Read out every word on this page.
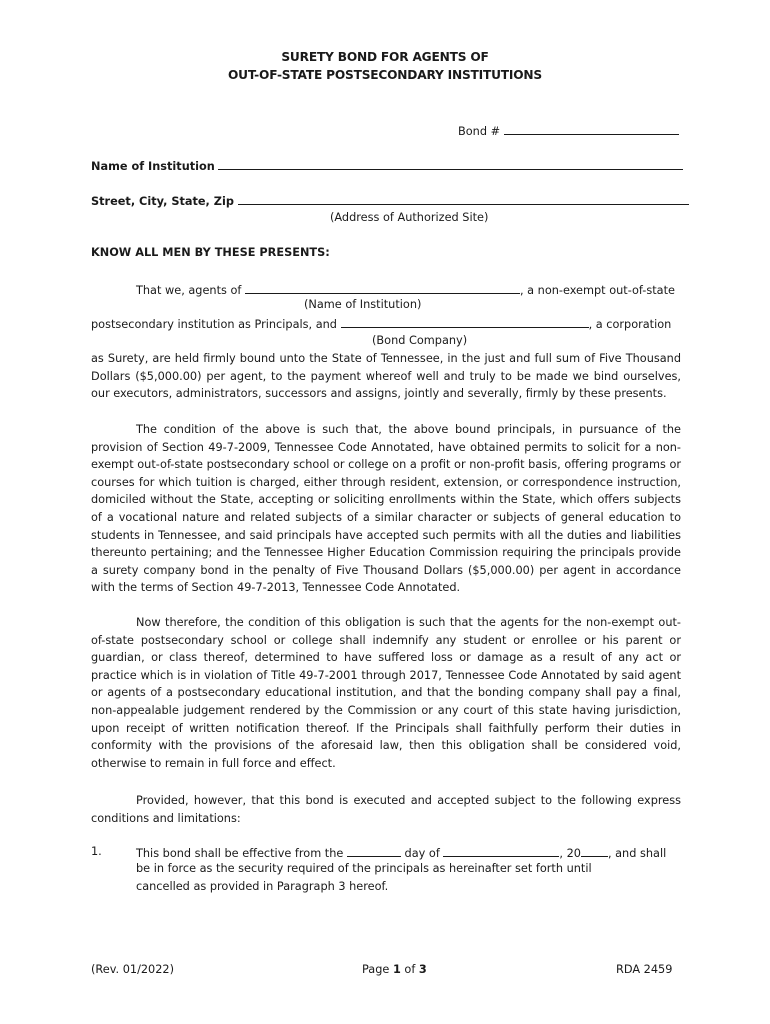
SURETY BOND FOR AGENTS OF
OUT-OF-STATE POSTSECONDARY INSTITUTIONS
Bond #
Name of Institution
Street, City, State, Zip
(Address of Authorized Site)
KNOW ALL MEN BY THESE PRESENTS:
That we, agents of	, a non-exempt out-of-state
(Name of Institution)
postsecondary institution as Principals, and	, a corporation
(Bond Company)
as Surety, are held firmly bound unto the State of Tennessee, in the just and full sum of Five Thousand Dollars ($5,000.00) per agent, to the payment whereof well and truly to be made we bind ourselves, our executors, administrators, successors and assigns, jointly and severally, firmly by these presents.
The condition of the above is such that, the above bound principals, in pursuance of the provision of Section 49-7-2009, Tennessee Code Annotated, have obtained permits to solicit for a non-exempt out-of-state postsecondary school or college on a profit or non-profit basis, offering programs or courses for which tuition is charged, either through resident, extension, or correspondence instruction, domiciled without the State, accepting or soliciting enrollments within the State, which offers subjects of a vocational nature and related subjects of a similar character or subjects of general education to students in Tennessee, and said principals have accepted such permits with all the duties and liabilities thereunto pertaining; and the Tennessee Higher Education Commission requiring the principals provide a surety company bond in the penalty of Five Thousand Dollars ($5,000.00) per agent in accordance with the terms of Section 49-7-2013, Tennessee Code Annotated.
Now therefore, the condition of this obligation is such that the agents for the non-exempt out-of-state postsecondary school or college shall indemnify any student or enrollee or his parent or guardian, or class thereof, determined to have suffered loss or damage as a result of any act or practice which is in violation of Title 49-7-2001 through 2017, Tennessee Code Annotated by said agent or agents of a postsecondary educational institution, and that the bonding company shall pay a final, non-appealable judgement rendered by the Commission or any court of this state having jurisdiction, upon receipt of written notification thereof. If the Principals shall faithfully perform their duties in conformity with the provisions of the aforesaid law, then this obligation shall be considered void, otherwise to remain in full force and effect.
Provided, however, that this bond is executed and accepted subject to the following express conditions and limitations:
1.	This bond shall be effective from the	day of	, 20 , and shall
be in force as the security required of the principals as hereinafter set forth until
cancelled as provided in Paragraph 3 hereof.
(Rev. 01/2022)	Page 1 of 3	RDA 2459
